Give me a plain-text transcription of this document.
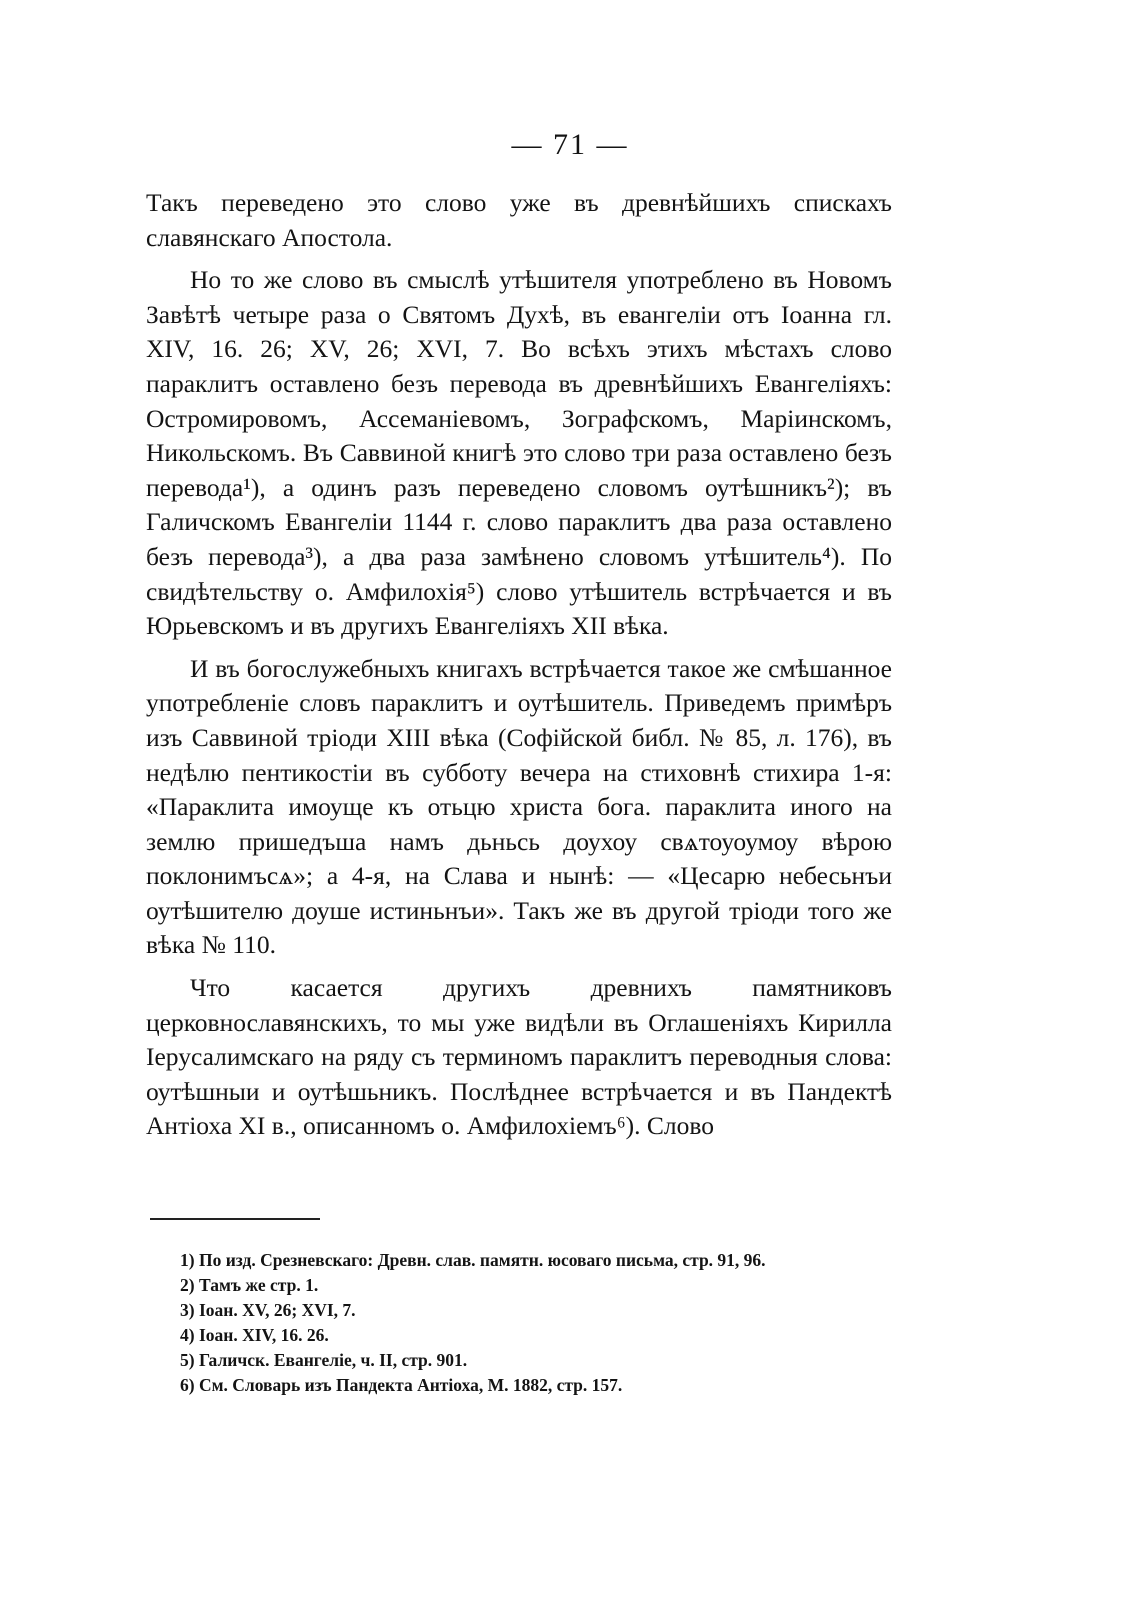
— 71 —

Такъ переведено это слово уже въ древнѣйшихъ спискахъ славянскаго Апостола.

Но то же слово въ смыслѣ утѣшителя употреблено въ Новомъ Завѣтѣ четыре раза о Святомъ Духѣ, въ евангеліи отъ Іоанна гл. XIV, 16. 26; XV, 26; XVI, 7. Во всѣхъ этихъ мѣстахъ слово параклитъ оставлено безъ перевода въ древнѣйшихъ Евангеліяхъ: Остромировомъ, Ассеманіевомъ, Зографскомъ, Маріинскомъ, Никольскомъ. Въ Саввиной книгѣ это слово три раза оставлено безъ перевода¹), а одинъ разъ переведено словомъ оутѣшникъ²); въ Галичскомъ Евангеліи 1144 г. слово параклитъ два раза оставлено безъ перевода³), а два раза замѣнено словомъ утѣшитель⁴). По свидѣтельству о. Амфилохія⁵) слово утѣшитель встрѣчается и въ Юрьевскомъ и въ другихъ Евангеліяхъ XII вѣка.

И въ богослужебныхъ книгахъ встрѣчается такое же смѣшанное употребленіе словъ параклитъ и оутѣшитель. Приведемъ примѣръ изъ Саввиной тріоди XIII вѣка (Софійской библ. № 85, л. 176), въ недѣлю пентикостіи въ субботу вечера на стиховнѣ стихира 1-я: «Параклита имоуще къ отьцю христа бога. параклита иного на землю пришедъша намъ дьньсь доухоу свѧтоуоумоу вѣрою поклонимъсѧ»; а 4-я, на Слава и нынѣ: — «Цесарю небесьнъи оутѣшителю доуше истиньнъи». Такъ же въ другой тріоди того же вѣка № 110.

Что касается другихъ древнихъ памятниковъ церковнославянскихъ, то мы уже видѣли въ Оглашеніяхъ Кирилла Іерусалимскаго на ряду съ терминомъ параклитъ переводныя слова: оутѣшныи и оутѣшьникъ. Послѣднее встрѣчается и въ Пандектѣ Антіоха XI в., описанномъ о. Амфилохіемъ⁶). Слово

1) По изд. Срезневскаго: Древн. слав. памятн. юсоваго письма, стр. 91, 96.
2) Тамъ же стр. 1.
3) Іоан. XV, 26; XVI, 7.
4) Іоан. XIV, 16. 26.
5) Галичск. Евангеліе, ч. II, стр. 901.
6) См. Словарь изъ Пандекта Антіоха, М. 1882, стр. 157.
